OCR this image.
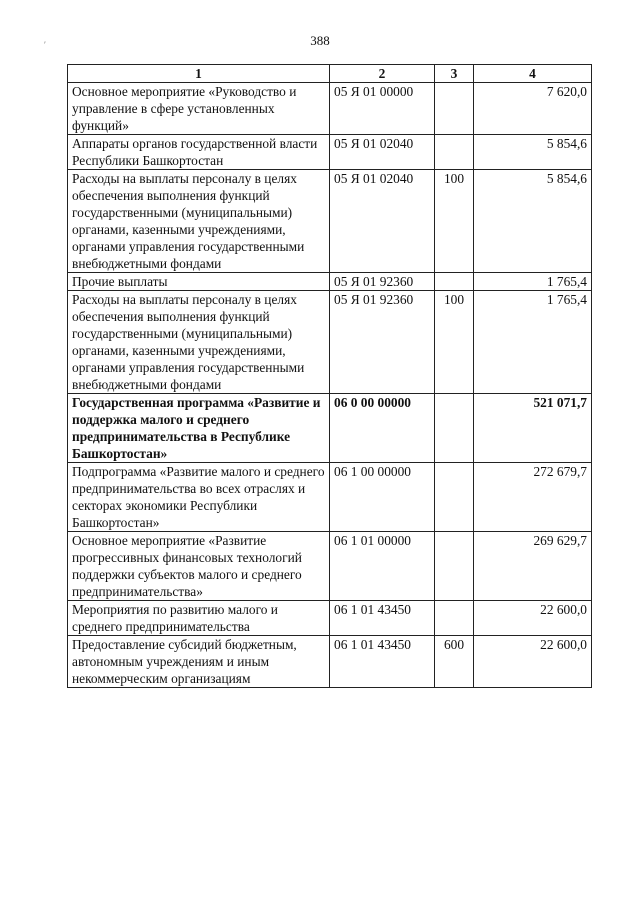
388
′
1	2	3	4
Основное мероприятие «Руководство и управление в сфере установленных функций»	05 Я 01 00000		7 620,0
Аппараты органов государственной власти Республики Башкортостан	05 Я 01 02040		5 854,6
Расходы на выплаты персоналу в целях обеспечения выполнения функций государственными (муниципальными) органами, казенными учреждениями, органами управления государственными внебюджетными фондами	05 Я 01 02040	100	5 854,6
Прочие выплаты	05 Я 01 92360		1 765,4
Расходы на выплаты персоналу в целях обеспечения выполнения функций государственными (муниципальными) органами, казенными учреждениями, органами управления государственными внебюджетными фондами	05 Я 01 92360	100	1 765,4
Государственная программа «Развитие и поддержка малого и среднего предпринимательства в Республике Башкортостан»	06 0 00 00000		521 071,7
Подпрограмма «Развитие малого и среднего предпринимательства во всех отраслях и секторах экономики Республики Башкортостан»	06 1 00 00000		272 679,7
Основное мероприятие «Развитие прогрессивных финансовых технологий поддержки субъектов малого и среднего предпринимательства»	06 1 01 00000		269 629,7
Мероприятия по развитию малого и среднего предпринимательства	06 1 01 43450		22 600,0
Предоставление субсидий бюджетным, автономным учреждениям и иным некоммерческим организациям	06 1 01 43450	600	22 600,0
